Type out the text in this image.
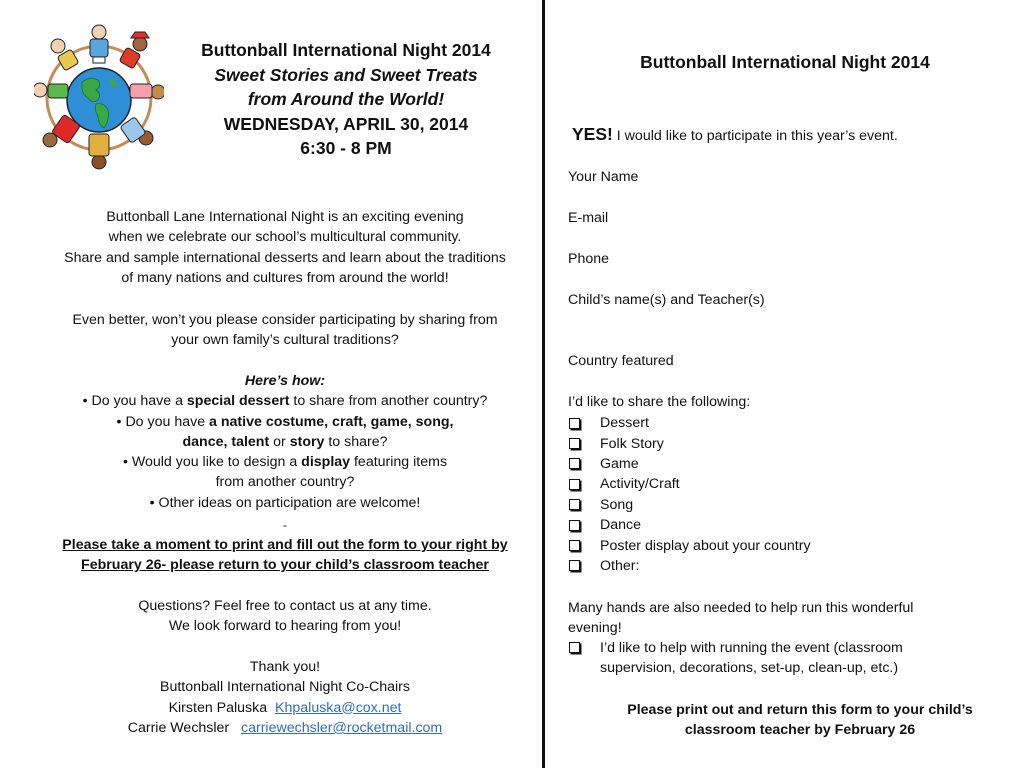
Buttonball International Night 2014
Sweet Stories and Sweet Treats
from Around the World!
WEDNESDAY, APRIL 30, 2014
6:30 - 8 PM
Buttonball Lane International Night is an exciting evening
when we celebrate our school’s multicultural community.
Share and sample international desserts and learn about the traditions
of many nations and cultures from around the world!
Even better, won’t you please consider participating by sharing from
your own family’s cultural traditions?
Here’s how:
• Do you have a special dessert to share from another country?
• Do you have a native costume, craft, game, song,
dance, talent or story to share?
• Would you like to design a display featuring items
from another country?
• Other ideas on participation are welcome!
-
Please take a moment to print and fill out the form to your right by
February 26- please return to your child’s classroom teacher
Questions? Feel free to contact us at any time.
We look forward to hearing from you!
Thank you!
Buttonball International Night Co-Chairs
Kirsten Paluska Khpaluska@cox.net
Carrie Wechsler carriewechsler@rocketmail.com
Buttonball International Night 2014
YES! I would like to participate in this year’s event.
Your Name
E-mail
Phone
Child’s name(s) and Teacher(s)
Country featured
I’d like to share the following:
Dessert
Folk Story
Game
Activity/Craft
Song
Dance
Poster display about your country
Other:
Many hands are also needed to help run this wonderful
evening!
I’d like to help with running the event (classroom
supervision, decorations, set-up, clean-up, etc.)
Please print out and return this form to your child’s
classroom teacher by February 26
